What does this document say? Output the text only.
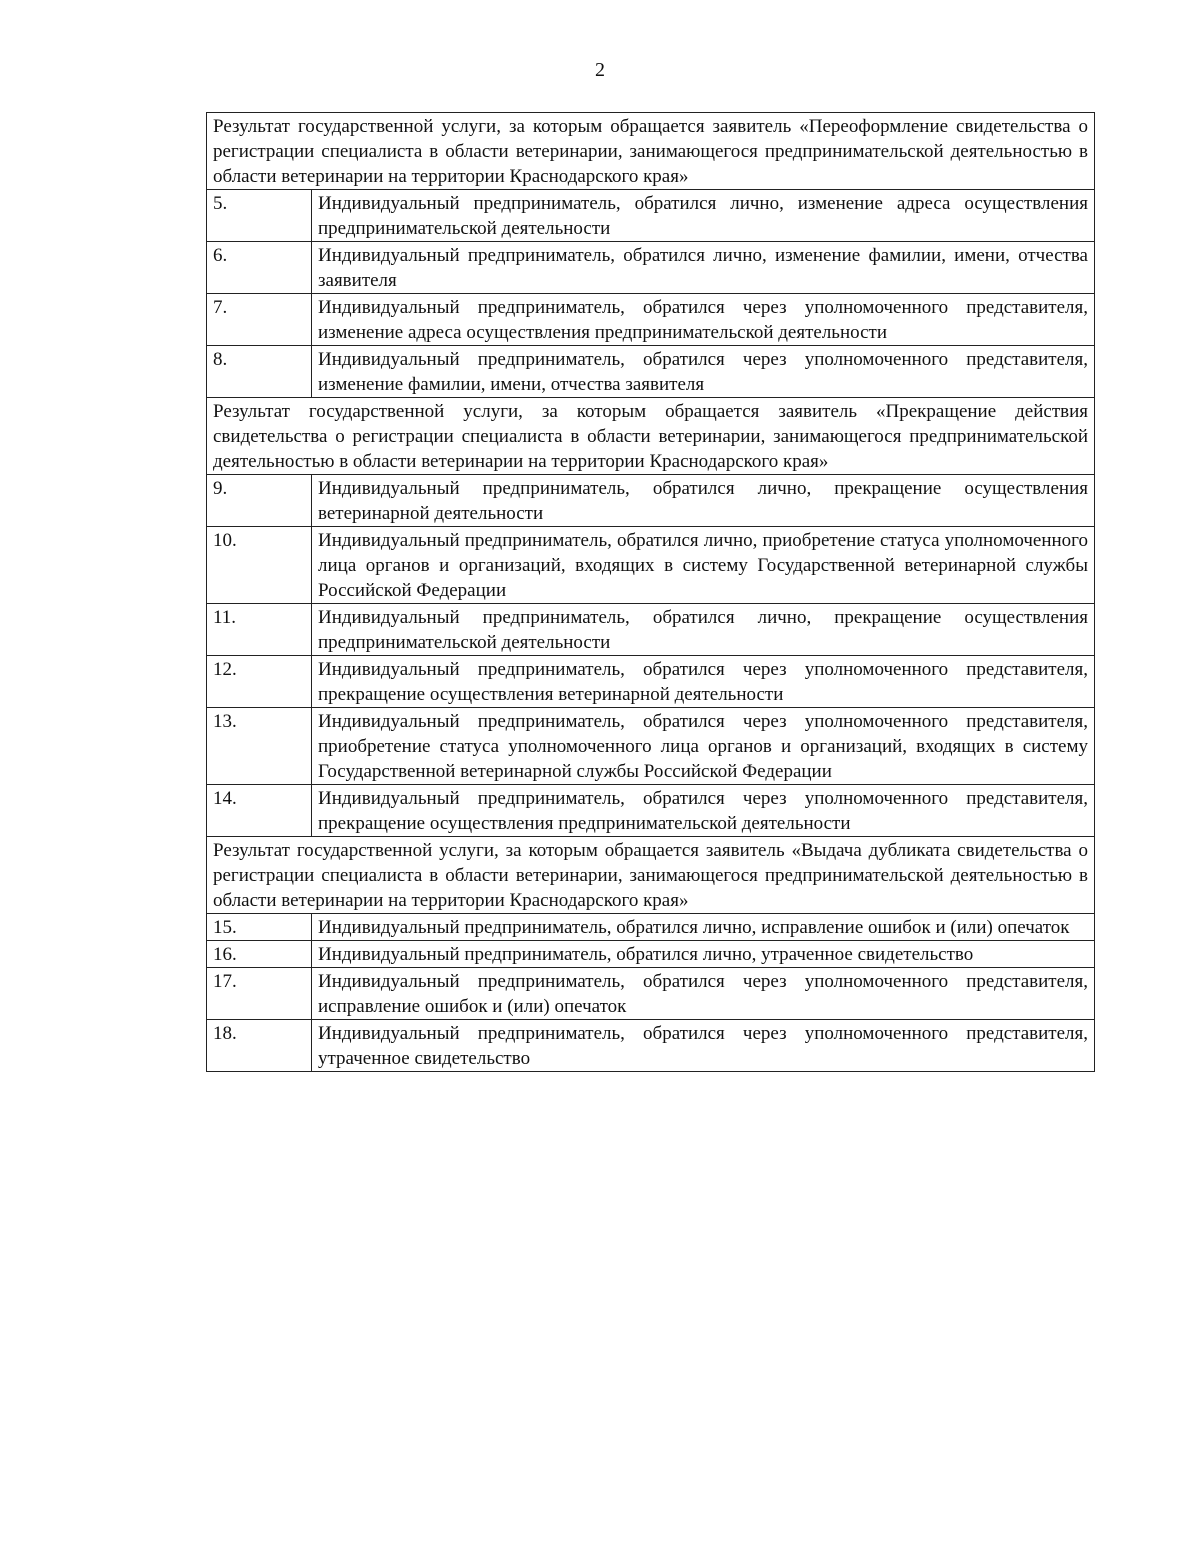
2
Результат государственной услуги, за которым обращается заявитель «Переоформление свидетельства о регистрации специалиста в области ветеринарии, занимающегося предпринимательской деятельностью в области ветеринарии на территории Краснодарского края»	
5.	Индивидуальный предприниматель, обратился лично, изменение адреса осуществления предпринимательской деятельности
6.	Индивидуальный предприниматель, обратился лично, изменение фамилии, имени, отчества заявителя
7.	Индивидуальный предприниматель, обратился через уполномоченного представителя, изменение адреса осуществления предпринимательской деятельности
8.	Индивидуальный предприниматель, обратился через уполномоченного представителя, изменение фамилии, имени, отчества заявителя
Результат государственной услуги, за которым обращается заявитель «Прекращение действия свидетельства о регистрации специалиста в области ветеринарии, занимающегося предпринимательской деятельностью в области ветеринарии на территории Краснодарского края»	
9.	Индивидуальный предприниматель, обратился лично, прекращение осуществления ветеринарной деятельности
10.	Индивидуальный предприниматель, обратился лично, приобретение статуса уполномоченного лица органов и организаций, входящих в систему Государственной ветеринарной службы Российской Федерации
11.	Индивидуальный предприниматель, обратился лично, прекращение осуществления предпринимательской деятельности
12.	Индивидуальный предприниматель, обратился через уполномоченного представителя, прекращение осуществления ветеринарной деятельности
13.	Индивидуальный предприниматель, обратился через уполномоченного представителя, приобретение статуса уполномоченного лица органов и организаций, входящих в систему Государственной ветеринарной службы Российской Федерации
14.	Индивидуальный предприниматель, обратился через уполномоченного представителя, прекращение осуществления предпринимательской деятельности
Результат государственной услуги, за которым обращается заявитель «Выдача дубликата свидетельства о регистрации специалиста в области ветеринарии, занимающегося предпринимательской деятельностью в области ветеринарии на территории Краснодарского края»	
15.	Индивидуальный предприниматель, обратился лично, исправление ошибок и (или) опечаток
16.	Индивидуальный предприниматель, обратился лично, утраченное свидетельство
17.	Индивидуальный предприниматель, обратился через уполномоченного представителя, исправление ошибок и (или) опечаток
18.	Индивидуальный предприниматель, обратился через уполномоченного представителя, утраченное свидетельство
